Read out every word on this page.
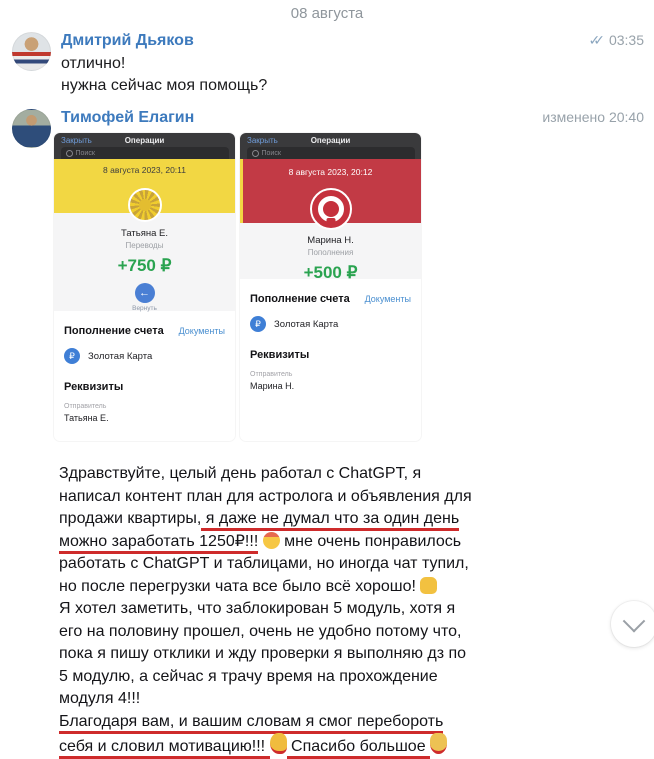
08 августа
Дмитрий Дьяков	✓✓ 03:35
отлично!
нужна сейчас моя помощь?
Тимофей Елагин	изменено 20:40
Закрыть	Операции
Поиск
8 августа 2023, 20:11
Татьяна Е.
Переводы
+750 ₽
←
Вернуть
Пополнение счета Документы
₽	Золотая Карта
Реквизиты
Отправитель
Татьяна Е.
Закрыть	Операции
Поиск
8 августа 2023, 20:12
Марина Н.
Пополнения
+500 ₽
Пополнение счета Документы
₽	Золотая Карта
Реквизиты
Отправитель
Марина Н.
Здравствуйте, целый день работал с ChatGPT, я
написал контент план для астролога и объявления для
продажи квартиры, я даже не думал что за один день
можно заработать 1250₽!!!  мне очень понравилось
работать с ChatGPT и таблицами, но иногда чат тупил,
но после перегрузки чата все было всё хорошо!
Я хотел заметить, что заблокирован 5 модуль, хотя я
его на половину прошел, очень не удобно потому что,
пока я пишу отклики и жду проверки я выполняю дз по
5 модулю, а сейчас я трачу время на прохождение
модуля 4!!!
Благодаря вам, и вашим словам я смог перебороть
себя и словил мотивацию!!!  Спасибо большое
